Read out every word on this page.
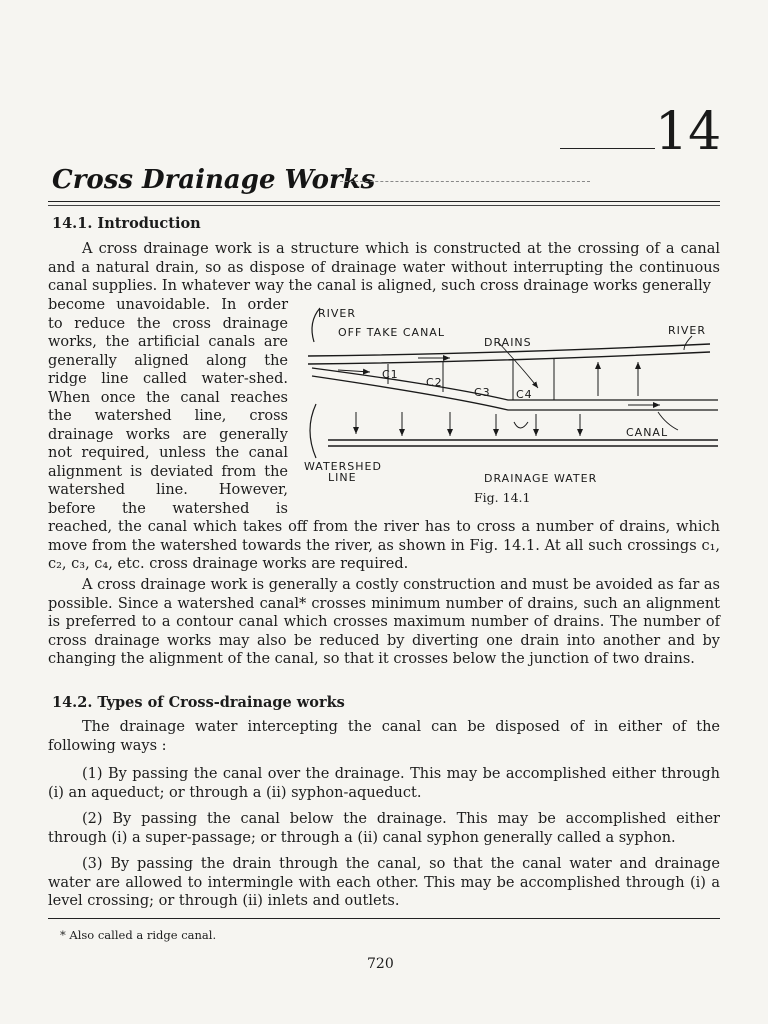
14
Cross Drainage Works
14.1. Introduction
A cross drainage work is a structure which is constructed at the crossing of a canal and a natural drain, so as dispose of drainage water without interrupting the continuous canal supplies. In whatever way the canal is aligned, such cross drainage works generally
become unavoidable. In order
to reduce the cross drainage
works, the artificial canals are
generally aligned along the
ridge line called water-shed.
When once the canal reaches
the watershed line, cross
drainage works are generally
not required, unless the canal
alignment is deviated from the
watershed line. However,
before the watershed is
RIVER
OFF TAKE CANAL
DRAINS
RIVER
C1
C2
C3 C4
CANAL
WATERSHED
LINE	DRAINAGE WATER
Fig. 14.1
reached, the canal which takes off from the river has to cross a number of drains, which move from the watershed towards the river, as shown in Fig. 14.1. At all such crossings c₁, c₂, c₃, c₄, etc. cross drainage works are required.
A cross drainage work is generally a costly construction and must be avoided as far as possible. Since a watershed canal* crosses minimum number of drains, such an alignment is preferred to a contour canal which crosses maximum number of drains. The number of cross drainage works may also be reduced by diverting one drain into another and by changing the alignment of the canal, so that it crosses below the junction of two drains.
14.2. Types of Cross-drainage works
The drainage water intercepting the canal can be disposed of in either of the following ways :
(1) By passing the canal over the drainage. This may be accomplished either through (i) an aqueduct; or through a (ii) syphon-aqueduct.
(2) By passing the canal below the drainage. This may be accomplished either through (i) a super-passage; or through a (ii) canal syphon generally called a syphon.
(3) By passing the drain through the canal, so that the canal water and drainage water are allowed to intermingle with each other. This may be accomplished through (i) a level crossing; or through (ii) inlets and outlets.
* Also called a ridge canal.
720
